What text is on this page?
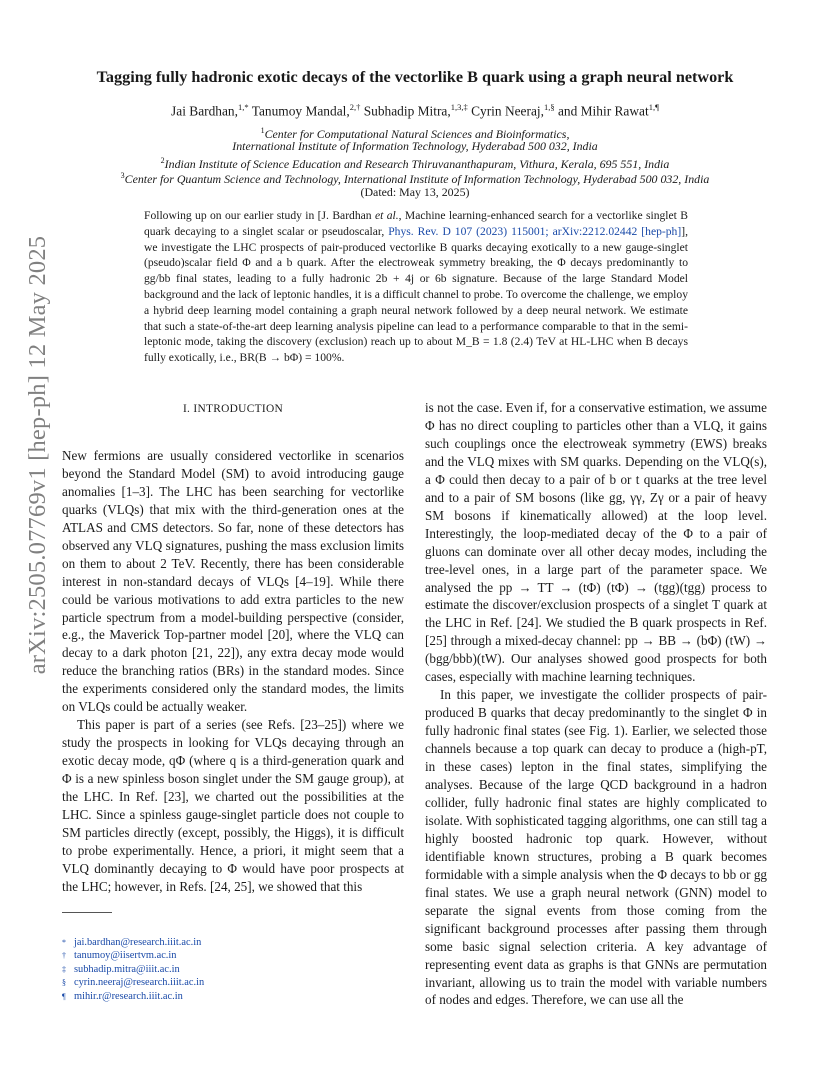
arXiv:2505.07769v1 [hep-ph] 12 May 2025
Tagging fully hadronic exotic decays of the vectorlike B quark using a graph neural network
Jai Bardhan,$^{1,*}$ Tanumoy Mandal,$^{2,\dagger}$ Subhadip Mitra,$^{1,3,\ddagger}$ Cyrin Neeraj,$^{1,\S}$ and Mihir Rawat$^{1,\P}$
$^1$Center for Computational Natural Sciences and Bioinformatics,
International Institute of Information Technology, Hyderabad 500 032, India
$^2$Indian Institute of Science Education and Research Thiruvananthapuram, Vithura, Kerala, 695 551, India
$^3$Center for Quantum Science and Technology, International Institute of Information Technology, Hyderabad 500 032, India
(Dated: May 13, 2025)
Following up on our earlier study in [J. Bardhan et al., Machine learning-enhanced search for a vectorlike singlet B quark decaying to a singlet scalar or pseudoscalar, Phys. Rev. D 107 (2023) 115001; arXiv:2212.02442 [hep-ph]], we investigate the LHC prospects of pair-produced vectorlike B quarks decaying exotically to a new gauge-singlet (pseudo)scalar field Φ and a b quark. After the electroweak symmetry breaking, the Φ decays predominantly to gg/bb final states, leading to a fully hadronic 2b + 4j or 6b signature. Because of the large Standard Model background and the lack of leptonic handles, it is a difficult channel to probe. To overcome the challenge, we employ a hybrid deep learning model containing a graph neural network followed by a deep neural network. We estimate that such a state-of-the-art deep learning analysis pipeline can lead to a performance comparable to that in the semi-leptonic mode, taking the discovery (exclusion) reach up to about M_B = 1.8 (2.4) TeV at HL-LHC when B decays fully exotically, i.e., BR(B → bΦ) = 100%.
I. INTRODUCTION

New fermions are usually considered vectorlike in scenarios beyond the Standard Model (SM) to avoid introducing gauge anomalies [1–3]. The LHC has been searching for vectorlike quarks (VLQs) that mix with the third-generation ones at the ATLAS and CMS detectors. So far, none of these detectors has observed any VLQ signatures, pushing the mass exclusion limits on them to about 2 TeV. Recently, there has been considerable interest in non-standard decays of VLQs [4–19]. While there could be various motivations to add extra particles to the new particle spectrum from a model-building perspective (consider, e.g., the Maverick Top-partner model [20], where the VLQ can decay to a dark photon [21, 22]), any extra decay mode would reduce the branching ratios (BRs) in the standard modes. Since the experiments considered only the standard modes, the limits on VLQs could be actually weaker.

This paper is part of a series (see Refs. [23–25]) where we study the prospects in looking for VLQs decaying through an exotic decay mode, qΦ (where q is a third-generation quark and Φ is a new spinless boson singlet under the SM gauge group), at the LHC. In Ref. [23], we charted out the possibilities at the LHC. Since a spinless gauge-singlet particle does not couple to SM particles directly (except, possibly, the Higgs), it is difficult to probe experimentally. Hence, a priori, it might seem that a VLQ dominantly decaying to Φ would have poor prospects at the LHC; however, in Refs. [24, 25], we showed that this

is not the case. Even if, for a conservative estimation, we assume Φ has no direct coupling to particles other than a VLQ, it gains such couplings once the electroweak symmetry (EWS) breaks and the VLQ mixes with SM quarks. Depending on the VLQ(s), a Φ could then decay to a pair of b or t quarks at the tree level and to a pair of SM bosons (like gg, γγ, Zγ or a pair of heavy SM bosons if kinematically allowed) at the loop level. Interestingly, the loop-mediated decay of the Φ to a pair of gluons can dominate over all other decay modes, including the tree-level ones, in a large part of the parameter space. We analysed the pp → TT → (tΦ) (tΦ) → (tgg)(tgg) process to estimate the discover/exclusion prospects of a singlet T quark at the LHC in Ref. [24]. We studied the B quark prospects in Ref. [25] through a mixed-decay channel: pp → BB → (bΦ) (tW) → (bgg/bbb)(tW). Our analyses showed good prospects for both cases, especially with machine learning techniques.

In this paper, we investigate the collider prospects of pair-produced B quarks that decay predominantly to the singlet Φ in fully hadronic final states (see Fig. 1). Earlier, we selected those channels because a top quark can decay to produce a (high-pT, in these cases) lepton in the final states, simplifying the analyses. Because of the large QCD background in a hadron collider, fully hadronic final states are highly complicated to isolate. With sophisticated tagging algorithms, one can still tag a highly boosted hadronic top quark. However, without identifiable known structures, probing a B quark becomes formidable with a simple analysis when the Φ decays to bb or gg final states. We use a graph neural network (GNN) model to separate the signal events from those coming from the significant background processes after passing them through some basic signal selection criteria. A key advantage of representing event data as graphs is that GNNs are permutation invariant, allowing us to train the model with variable numbers of nodes and edges. Therefore, we can use all the

* jai.bardhan@research.iiit.ac.in
† tanumoy@iisertvm.ac.in
‡ subhadip.mitra@iiit.ac.in
§ cyrin.neeraj@research.iiit.ac.in
¶ mihir.r@research.iiit.ac.in
